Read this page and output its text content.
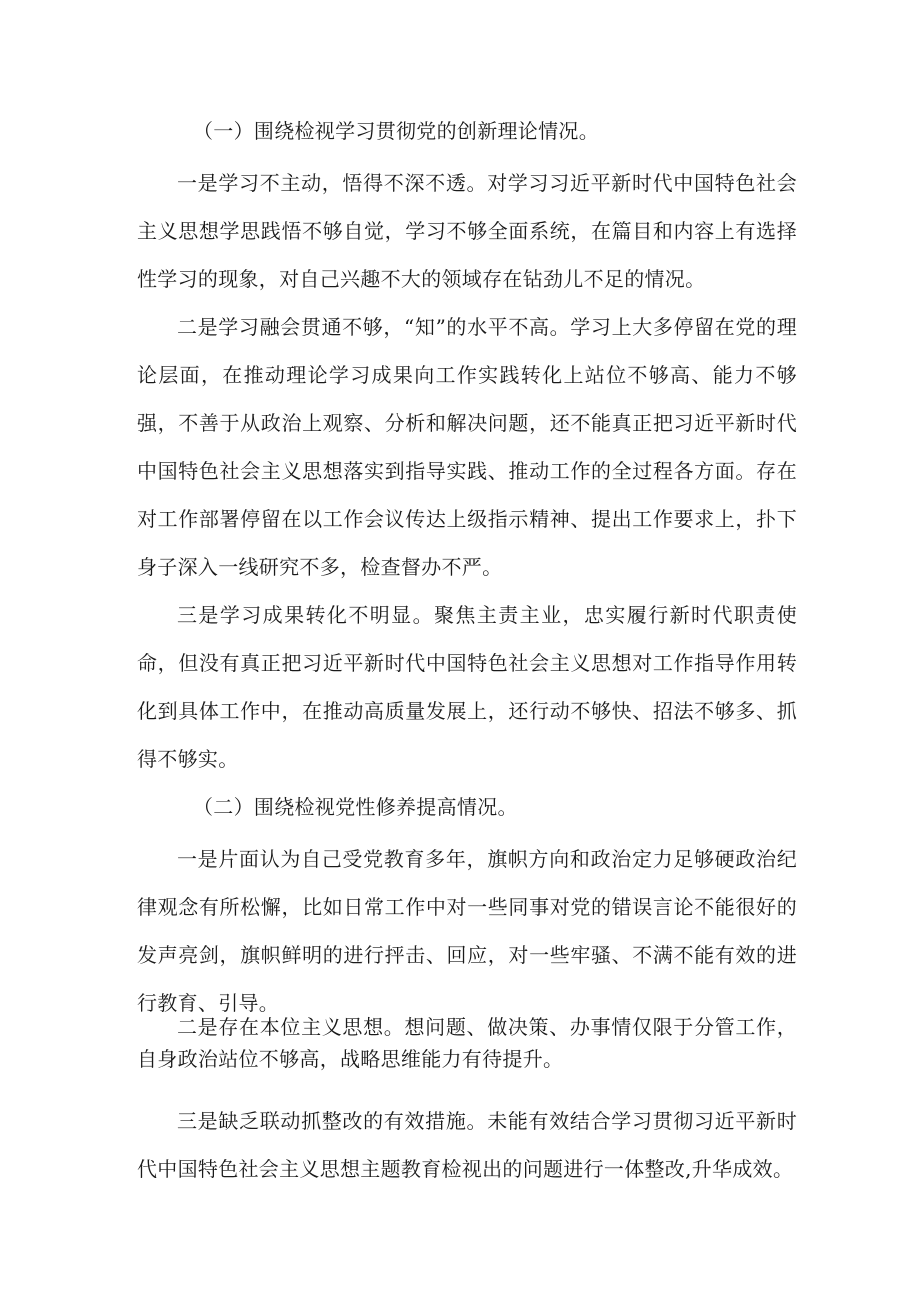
（一）围绕检视学习贯彻党的创新理论情况。

一是学习不主动，悟得不深不透。对学习习近平新时代中国特色社会主义思想学思践悟不够自觉，学习不够全面系统，在篇目和内容上有选择性学习的现象，对自己兴趣不大的领域存在钻劲儿不足的情况。

二是学习融会贯通不够，“知”的水平不高。学习上大多停留在党的理论层面，在推动理论学习成果向工作实践转化上站位不够高、能力不够强，不善于从政治上观察、分析和解决问题，还不能真正把习近平新时代中国特色社会主义思想落实到指导实践、推动工作的全过程各方面。存在对工作部署停留在以工作会议传达上级指示精神、提出工作要求上，扑下身子深入一线研究不多，检查督办不严。

三是学习成果转化不明显。聚焦主责主业，忠实履行新时代职责使命，但没有真正把习近平新时代中国特色社会主义思想对工作指导作用转化到具体工作中，在推动高质量发展上，还行动不够快、招法不够多、抓得不够实。

（二）围绕检视党性修养提高情况。

一是片面认为自己受党教育多年，旗帜方向和政治定力足够硬政治纪律观念有所松懈，比如日常工作中对一些同事对党的错误言论不能很好的发声亮剑，旗帜鲜明的进行抨击、回应，对一些牢骚、不满不能有效的进行教育、引导。

二是存在本位主义思想。想问题、做决策、办事情仅限于分管工作，自身政治站位不够高，战略思维能力有待提升。

三是缺乏联动抓整改的有效措施。未能有效结合学习贯彻习近平新时代中国特色社会主义思想主题教育检视出的问题进行一体整改,升华成效。
